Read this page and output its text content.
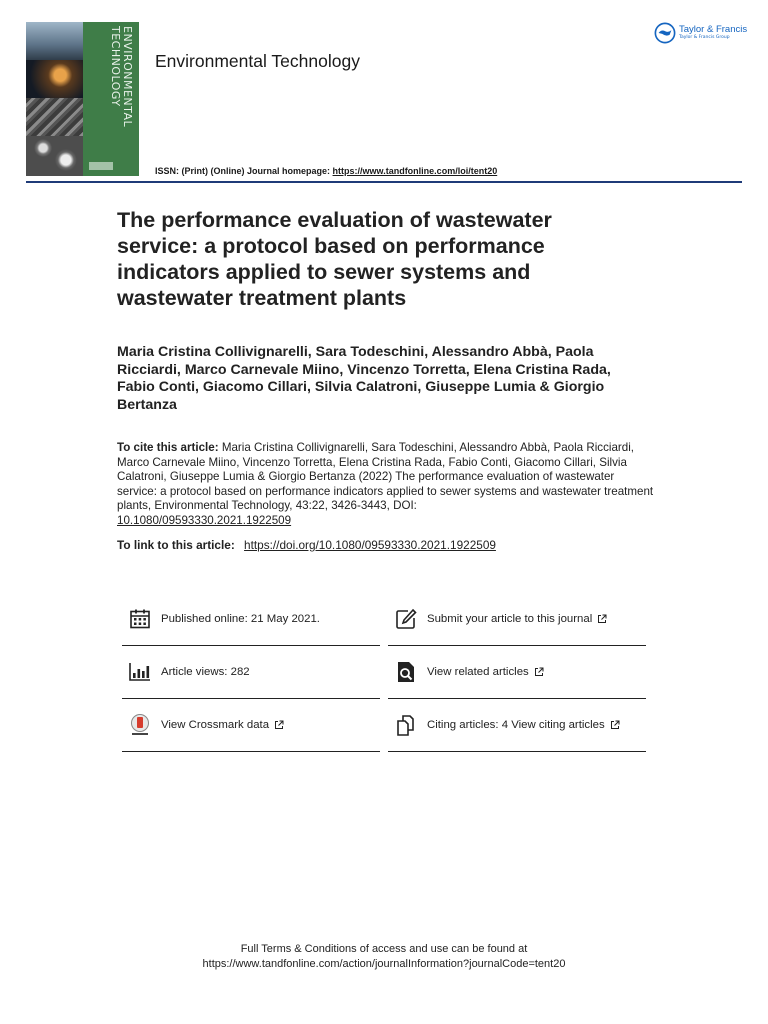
ENVIRONMENTAL TECHNOLOGY	Environmental Technology
Taylor & Francis
Taylor & Francis Group
ISSN: (Print) (Online) Journal homepage: https://www.tandfonline.com/loi/tent20
The performance evaluation of wastewater service: a protocol based on performance indicators applied to sewer systems and wastewater treatment plants
Maria Cristina Collivignarelli, Sara Todeschini, Alessandro Abbà, Paola Ricciardi, Marco Carnevale Miino, Vincenzo Torretta, Elena Cristina Rada, Fabio Conti, Giacomo Cillari, Silvia Calatroni, Giuseppe Lumia & Giorgio Bertanza
To cite this article: Maria Cristina Collivignarelli, Sara Todeschini, Alessandro Abbà, Paola Ricciardi, Marco Carnevale Miino, Vincenzo Torretta, Elena Cristina Rada, Fabio Conti, Giacomo Cillari, Silvia Calatroni, Giuseppe Lumia & Giorgio Bertanza (2022) The performance evaluation of wastewater service: a protocol based on performance indicators applied to sewer systems and wastewater treatment plants, Environmental Technology, 43:22, 3426-3443, DOI:
10.1080/09593330.2021.1922509
To link to this article: https://doi.org/10.1080/09593330.2021.1922509
Published online: 21 May 2021.	Submit your article to this journal
Article views: 282	View related articles
View Crossmark data	Citing articles: 4 View citing articles
Full Terms & Conditions of access and use can be found at
https://www.tandfonline.com/action/journalInformation?journalCode=tent20
